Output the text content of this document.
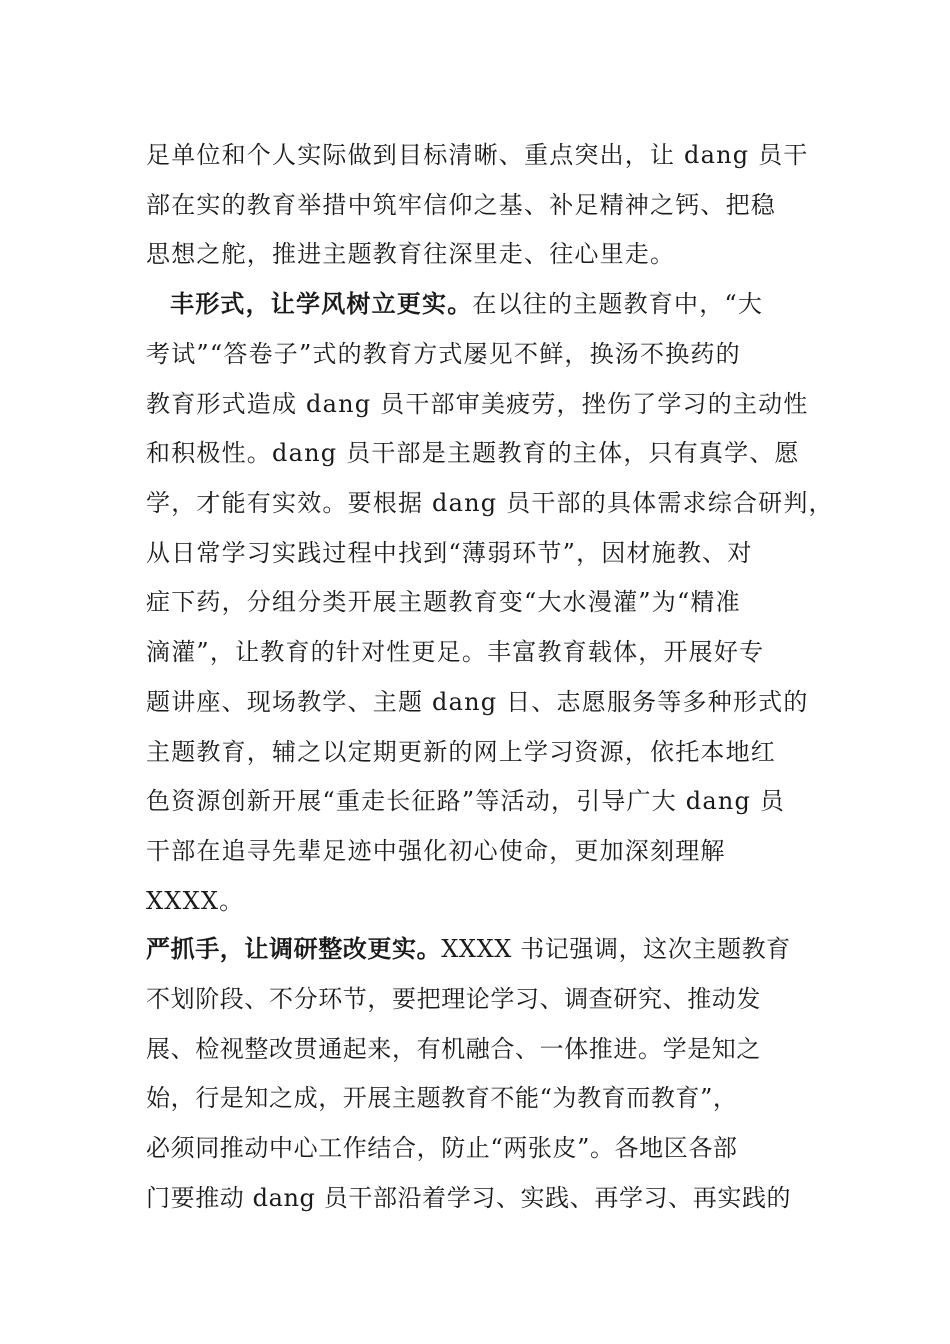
足单位和个人实际做到目标清晰、重点突出，让 dang 员干
部在实的教育举措中筑牢信仰之基、补足精神之钙、把稳
思想之舵，推进主题教育往深里走、往心里走。
丰形式，让学风树立更实。在以往的主题教育中，“大
考试”“答卷子”式的教育方式屡见不鲜，换汤不换药的
教育形式造成 dang 员干部审美疲劳，挫伤了学习的主动性
和积极性。dang 员干部是主题教育的主体，只有真学、愿
学，才能有实效。要根据 dang 员干部的具体需求综合研判，
从日常学习实践过程中找到“薄弱环节”，因材施教、对
症下药，分组分类开展主题教育变“大水漫灌”为“精准
滴灌”，让教育的针对性更足。丰富教育载体，开展好专
题讲座、现场教学、主题 dang 日、志愿服务等多种形式的
主题教育，辅之以定期更新的网上学习资源，依托本地红
色资源创新开展“重走长征路”等活动，引导广大 dang 员
干部在追寻先辈足迹中强化初心使命，更加深刻理解
XXXX。
严抓手，让调研整改更实。XXXX 书记强调，这次主题教育
不划阶段、不分环节，要把理论学习、调查研究、推动发
展、检视整改贯通起来，有机融合、一体推进。学是知之
始，行是知之成，开展主题教育不能“为教育而教育”，
必须同推动中心工作结合，防止“两张皮”。各地区各部
门要推动 dang 员干部沿着学习、实践、再学习、再实践的
